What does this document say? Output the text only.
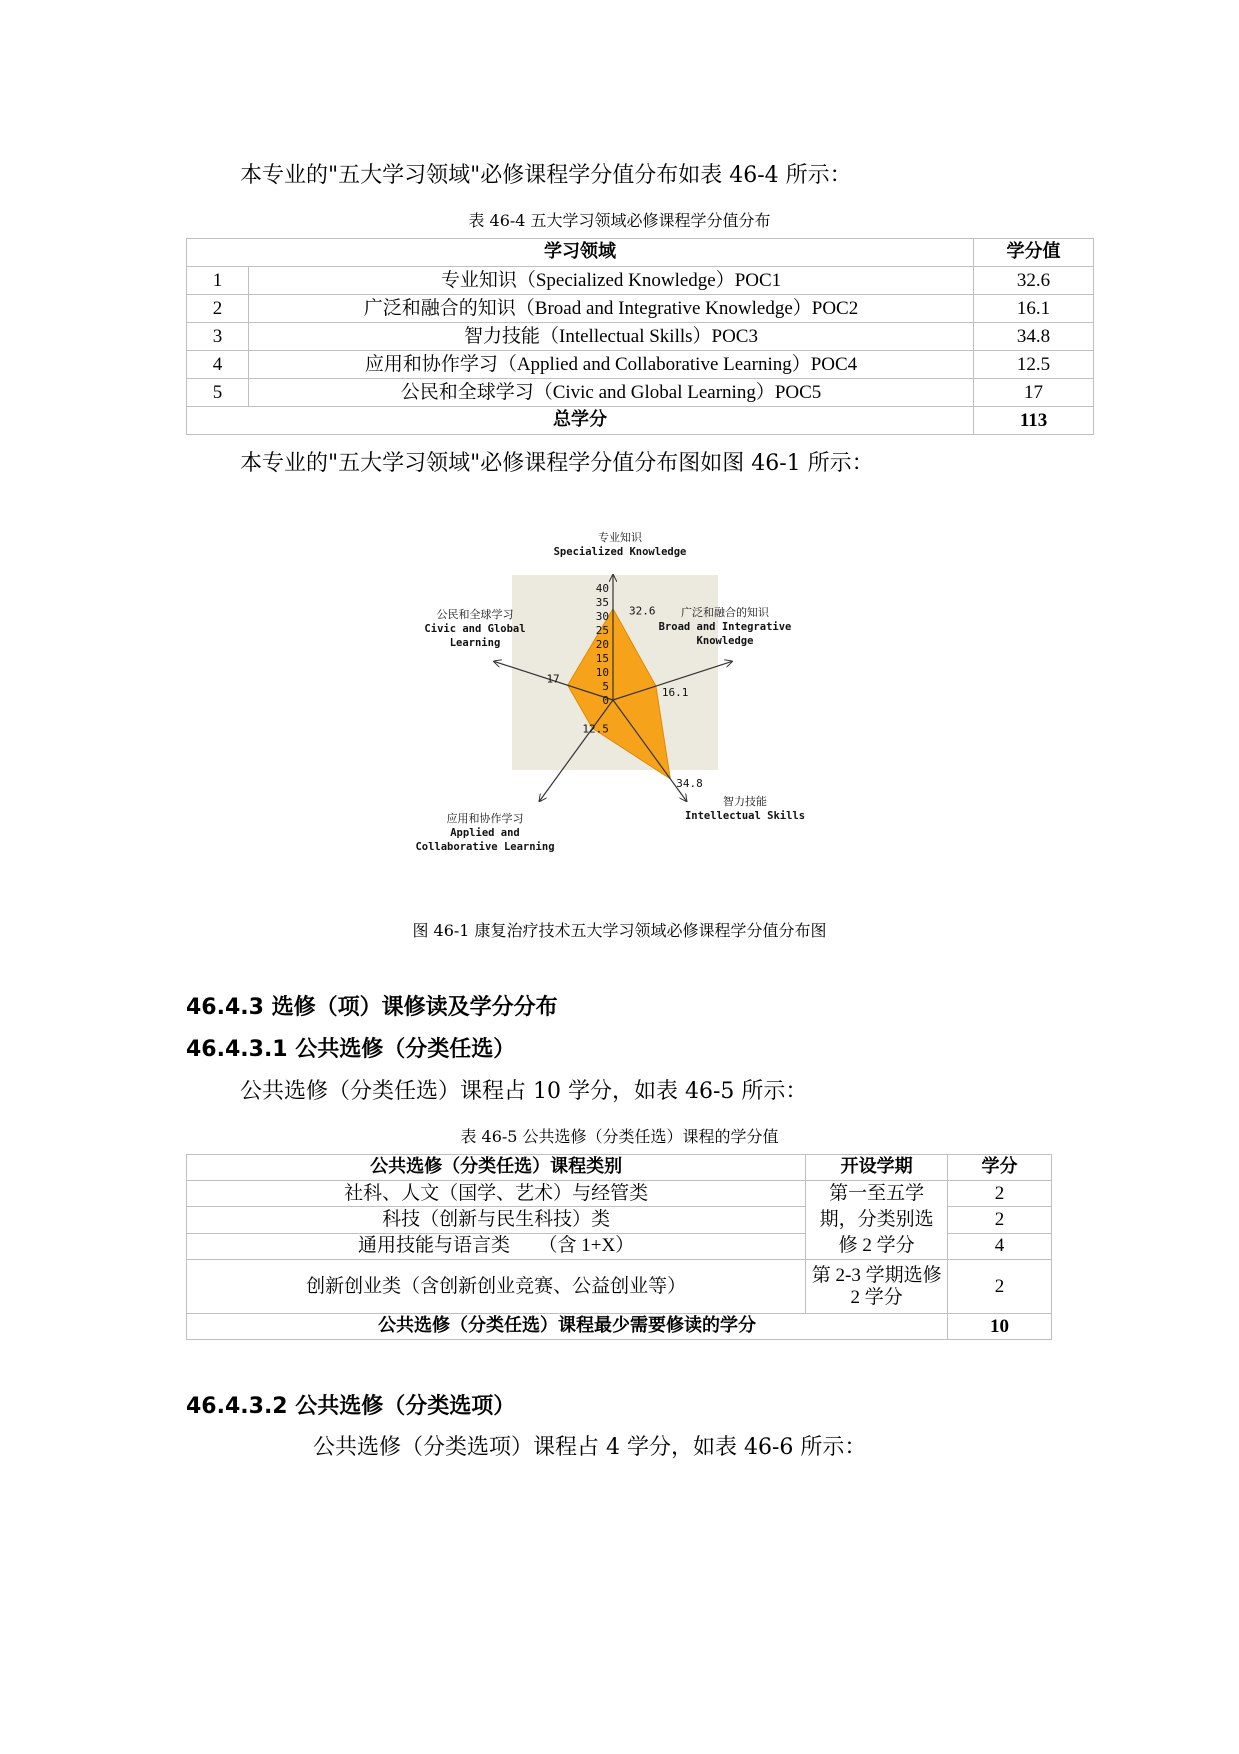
本专业的"五大学习领域"必修课程学分值分布如表 46-4 所示：
表 46-4 五大学习领域必修课程学分值分布
学习领域		学分值
1	专业知识（Specialized Knowledge）POC1	32.6
2	广泛和融合的知识（Broad and Integrative Knowledge）POC2	16.1
3	智力技能（Intellectual Skills）POC3	34.8
4	应用和协作学习（Applied and Collaborative Learning）POC4	12.5
5	公民和全球学习（Civic and Global Learning）POC5	17
总学分		113
本专业的"五大学习领域"必修课程学分值分布图如图 46-1 所示：
40
35
30
25
20
15
10
5
0
32.6
16.1
34.8
12.5
17
专业知识
Specialized Knowledge
广泛和融合的知识
Broad and Integrative
Knowledge
智力技能
Intellectual Skills
应用和协作学习
Applied and
Collaborative Learning
公民和全球学习
Civic and Global
Learning
图 46-1 康复治疗技术五大学习领域必修课程学分值分布图
46.4.3 选修（项）课修读及学分分布
46.4.3.1 公共选修（分类任选）
公共选修（分类任选）课程占 10 学分，如表 46-5 所示：
表 46-5 公共选修（分类任选）课程的学分值
公共选修（分类任选）课程类别	开设学期	学分
社科、人文（国学、艺术）与经管类	第一至五学
期，分类别选
修 2 学分	2
科技（创新与民生科技）类		2
通用技能与语言类　　（含 1+X）		4
创新创业类（含创新创业竞赛、公益创业等）	第 2-3 学期选修
2 学分	2
公共选修（分类任选）课程最少需要修读的学分		10
46.4.3.2 公共选修（分类选项）
公共选修（分类选项）课程占 4 学分，如表 46-6 所示：
